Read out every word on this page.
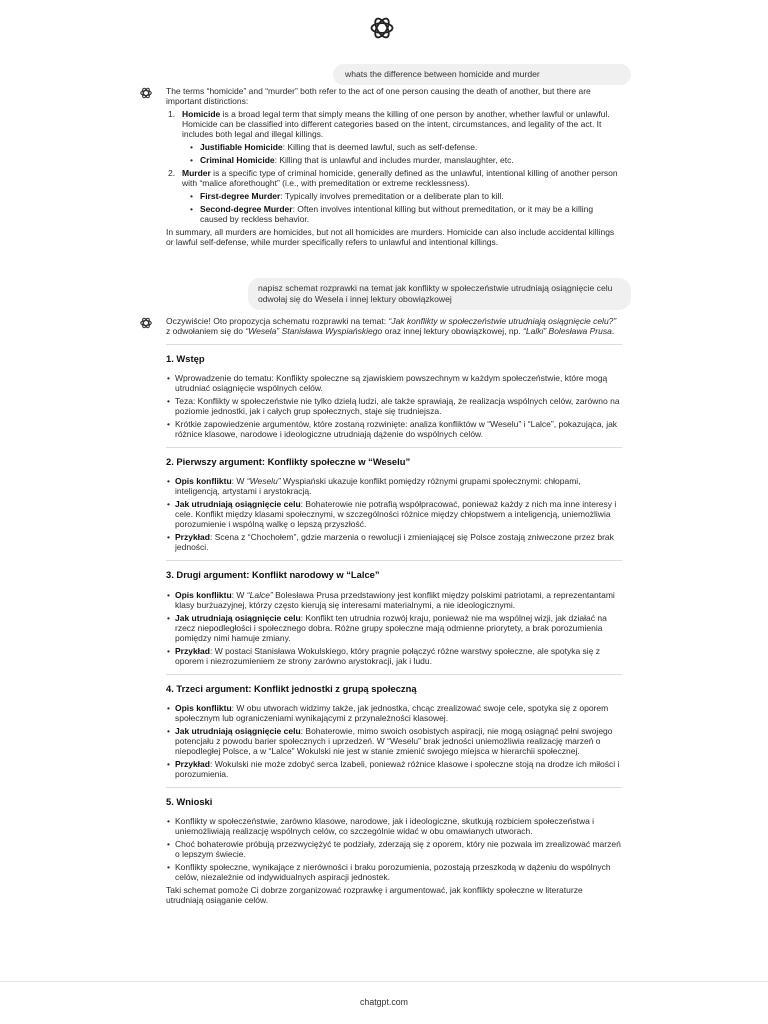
whats the difference between homicide and murder

The terms “homicide” and “murder” both refer to the act of one person causing the death of another, but there are important distinctions:

1. Homicide is a broad legal term that simply means the killing of one person by another, whether lawful or unlawful. Homicide can be classified into different categories based on the intent, circumstances, and legality of the act. It includes both legal and illegal killings.
• Justifiable Homicide: Killing that is deemed lawful, such as self-defense.
• Criminal Homicide: Killing that is unlawful and includes murder, manslaughter, etc.
2. Murder is a specific type of criminal homicide, generally defined as the unlawful, intentional killing of another person with “malice aforethought” (i.e., with premeditation or extreme recklessness).
• First-degree Murder: Typically involves premeditation or a deliberate plan to kill.
• Second-degree Murder: Often involves intentional killing but without premeditation, or it may be a killing caused by reckless behavior.

In summary, all murders are homicides, but not all homicides are murders. Homicide can also include accidental killings or lawful self-defense, while murder specifically refers to unlawful and intentional killings.

napisz schemat rozprawki na temat jak konflikty w społeczeństwie utrudniają osiągnięcie celu odwołaj się do Wesela i innej lektury obowiązkowej

Oczywiście! Oto propozycja schematu rozprawki na temat: “Jak konflikty w społeczeństwie utrudniają osiągnięcie celu?” z odwołaniem się do “Wesela” Stanisława Wyspiańskiego oraz innej lektury obowiązkowej, np. “Lalki” Bolesława Prusa.

1. Wstęp
• Wprowadzenie do tematu: Konflikty społeczne są zjawiskiem powszechnym w każdym społeczeństwie, które mogą utrudniać osiągnięcie wspólnych celów.
• Teza: Konflikty w społeczeństwie nie tylko dzielą ludzi, ale także sprawiają, że realizacja wspólnych celów, zarówno na poziomie jednostki, jak i całych grup społecznych, staje się trudniejsza.
• Krótkie zapowiedzenie argumentów, które zostaną rozwinięte: analiza konfliktów w “Weselu” i “Lalce”, pokazująca, jak różnice klasowe, narodowe i ideologiczne utrudniają dążenie do wspólnych celów.
2. Pierwszy argument: Konflikty społeczne w “Weselu”
• Opis konfliktu: W “Weselu” Wyspiański ukazuje konflikt pomiędzy różnymi grupami społecznymi: chłopami, inteligencją, artystami i arystokracją.
• Jak utrudniają osiągnięcie celu: Bohaterowie nie potrafią współpracować, ponieważ każdy z nich ma inne interesy i cele. Konflikt między klasami społecznymi, w szczególności różnice między chłopstwem a inteligencją, uniemożliwia porozumienie i wspólną walkę o lepszą przyszłość.
• Przykład: Scena z “Chochołem”, gdzie marzenia o rewolucji i zmieniającej się Polsce zostają zniweczone przez brak jedności.
3. Drugi argument: Konflikt narodowy w “Lalce”
• Opis konfliktu: W “Lalce” Bolesława Prusa przedstawiony jest konflikt między polskimi patriotami, a reprezentantami klasy burżuazyjnej, którzy często kierują się interesami materialnymi, a nie ideologicznymi.
• Jak utrudniają osiągnięcie celu: Konflikt ten utrudnia rozwój kraju, ponieważ nie ma wspólnej wizji, jak działać na rzecz niepodległości i społecznego dobra. Różne grupy społeczne mają odmienne priorytety, a brak porozumienia pomiędzy nimi hamuje zmiany.
• Przykład: W postaci Stanisława Wokulskiego, który pragnie połączyć różne warstwy społeczne, ale spotyka się z oporem i niezrozumieniem ze strony zarówno arystokracji, jak i ludu.
4. Trzeci argument: Konflikt jednostki z grupą społeczną
• Opis konfliktu: W obu utworach widzimy także, jak jednostka, chcąc zrealizować swoje cele, spotyka się z oporem społecznym lub ograniczeniami wynikającymi z przynależności klasowej.
• Jak utrudniają osiągnięcie celu: Bohaterowie, mimo swoich osobistych aspiracji, nie mogą osiągnąć pełni swojego potencjału z powodu barier społecznych i uprzedzeń. W “Weselu” brak jedności uniemożliwia realizację marzeń o niepodległej Polsce, a w “Lalce” Wokulski nie jest w stanie zmienić swojego miejsca w hierarchii społecznej.
• Przykład: Wokulski nie może zdobyć serca Izabeli, ponieważ różnice klasowe i społeczne stoją na drodze ich miłości i porozumienia.
5. Wnioski
• Konflikty w społeczeństwie, zarówno klasowe, narodowe, jak i ideologiczne, skutkują rozbiciem społeczeństwa i uniemożliwiają realizację wspólnych celów, co szczególnie widać w obu omawianych utworach.
• Choć bohaterowie próbują przezwyciężyć te podziały, zderzają się z oporem, który nie pozwala im zrealizować marzeń o lepszym świecie.
• Konflikty społeczne, wynikające z nierówności i braku porozumienia, pozostają przeszkodą w dążeniu do wspólnych celów, niezależnie od indywidualnych aspiracji jednostek.

Taki schemat pomoże Ci dobrze zorganizować rozprawkę i argumentować, jak konflikty społeczne w literaturze utrudniają osiąganie celów.

chatgpt.com
